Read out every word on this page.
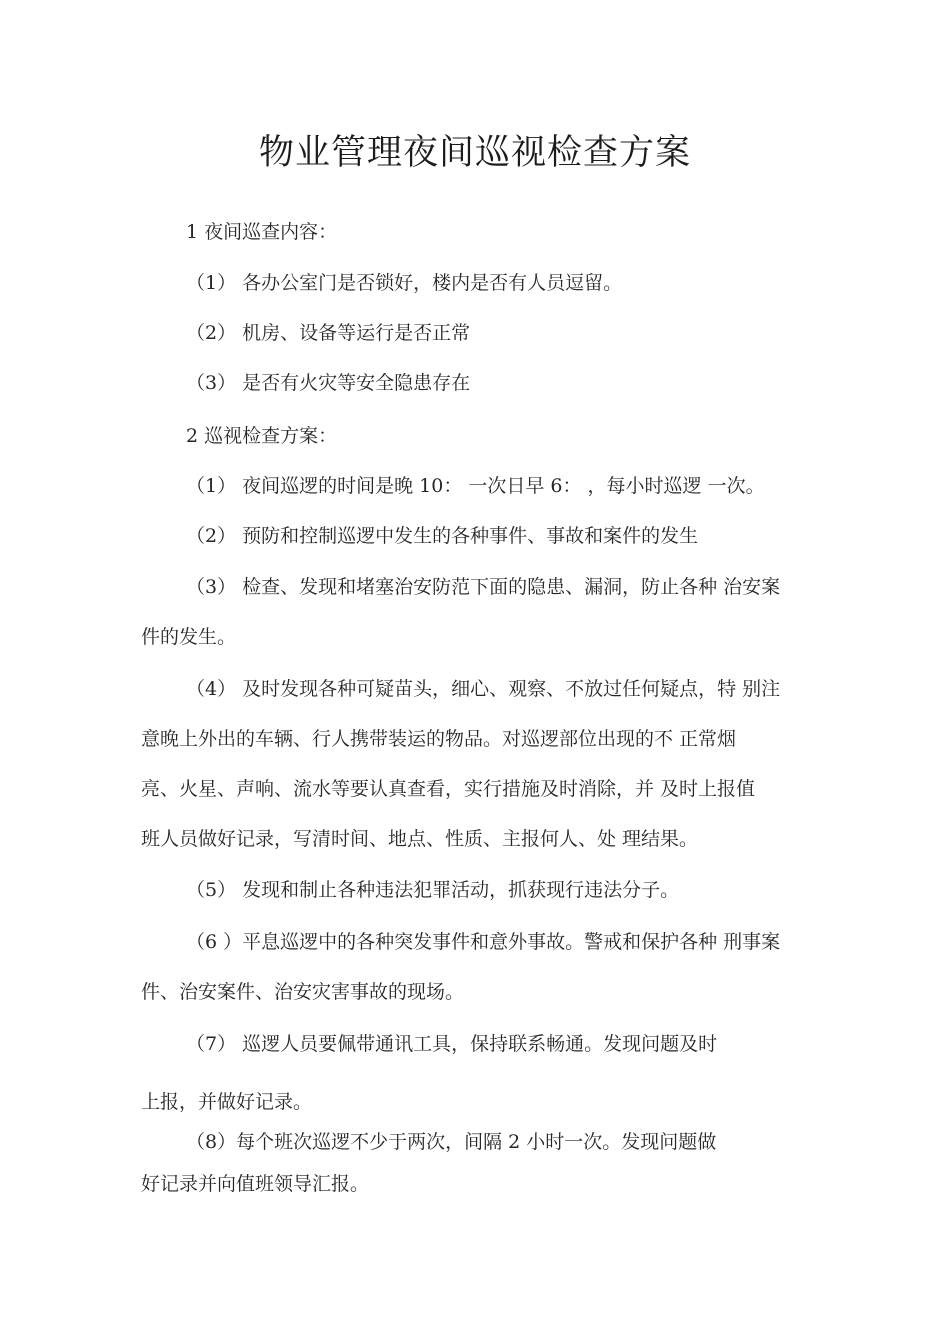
物业管理夜间巡视检查方案
1 夜间巡查内容：
（1） 各办公室门是否锁好，楼内是否有人员逗留。
（2） 机房、设备等运行是否正常
（3） 是否有火灾等安全隐患存在
2 巡视检查方案：
（1） 夜间巡逻的时间是晚 10： 一次日早 6： ，每小时巡逻 一次。
（2） 预防和控制巡逻中发生的各种事件、事故和案件的发生
（3） 检查、发现和堵塞治安防范下面的隐患、漏洞，防止各种 治安案
件的发生。
（4） 及时发现各种可疑苗头，细心、观察、不放过任何疑点，特 别注
意晚上外出的车辆、行人携带装运的物品。对巡逻部位出现的不 正常烟
亮、火星、声响、流水等要认真查看，实行措施及时消除，并 及时上报值
班人员做好记录，写清时间、地点、性质、主报何人、处 理结果。
（5） 发现和制止各种违法犯罪活动，抓获现行违法分子。
（6 ）平息巡逻中的各种突发事件和意外事故。警戒和保护各种 刑事案
件、治安案件、治安灾害事故的现场。
（7） 巡逻人员要佩带通讯工具，保持联系畅通。发现问题及时
上报，并做好记录。
（8）每个班次巡逻不少于两次，间隔 2 小时一次。发现问题做
好记录并向值班领导汇报。
